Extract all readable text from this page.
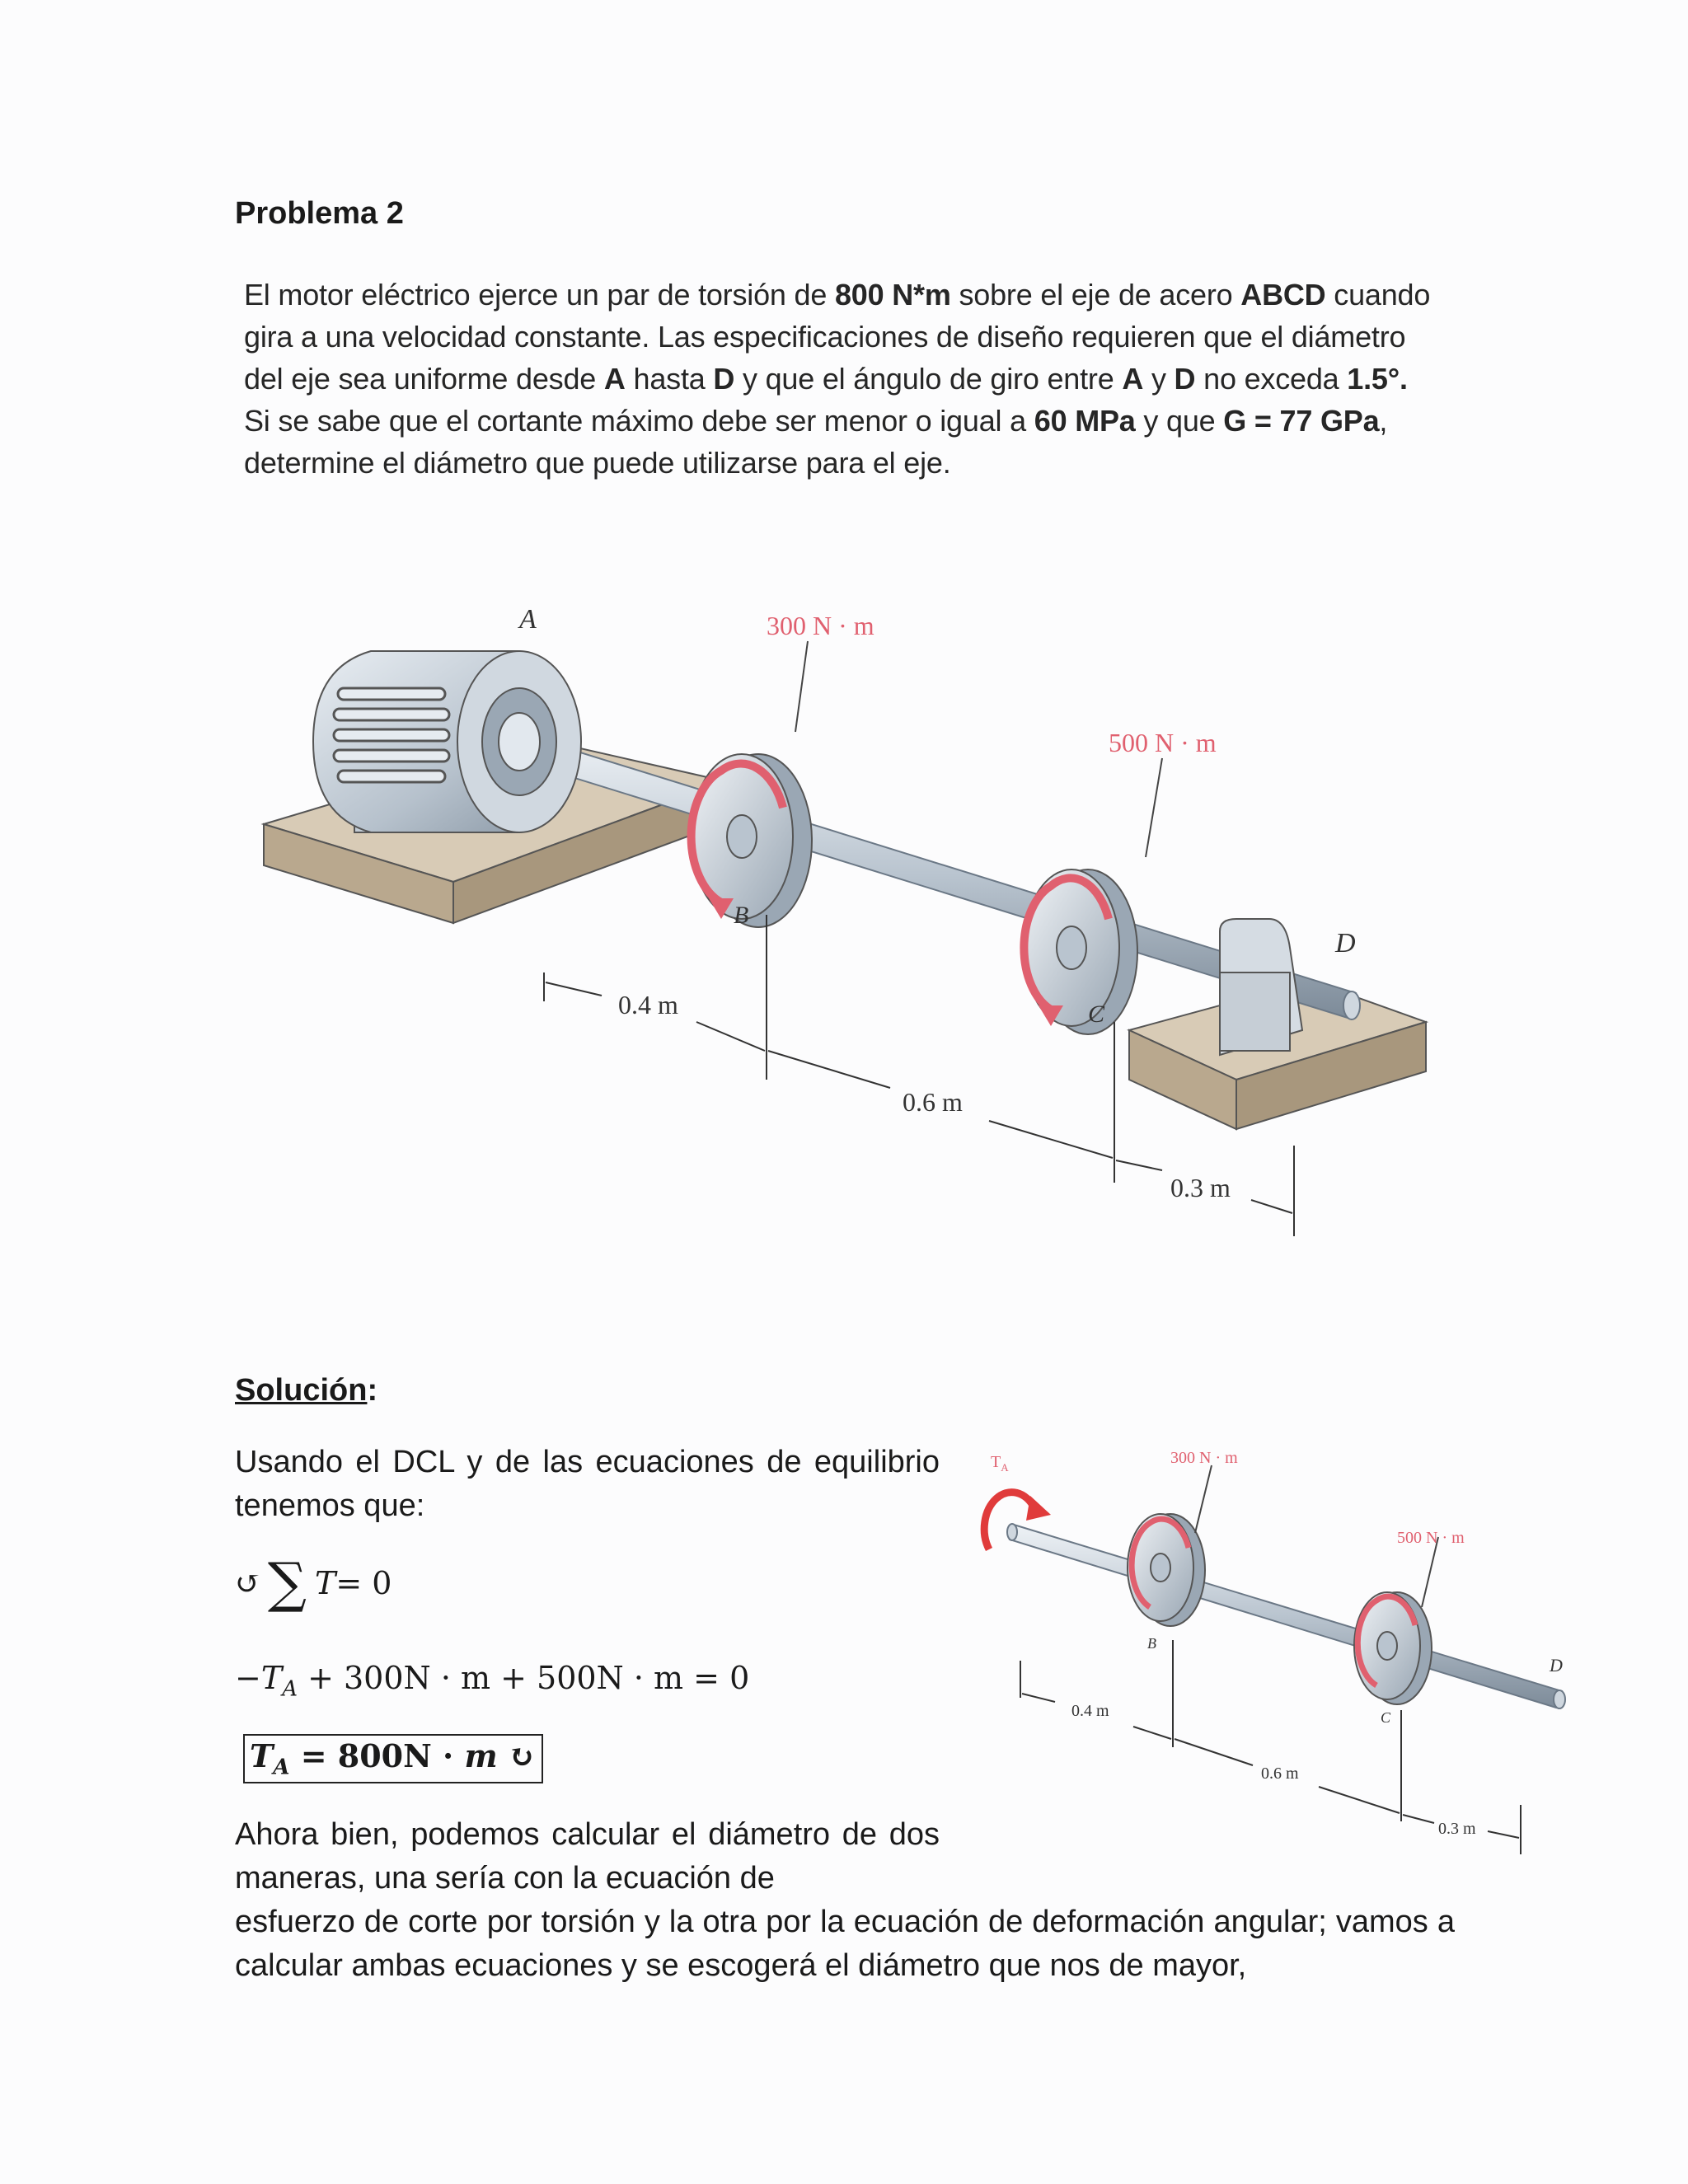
Problema 2
El motor eléctrico ejerce un par de torsión de 800 N*m sobre el eje de acero ABCD cuando gira a una velocidad constante. Las especificaciones de diseño requieren que el diámetro del eje sea uniforme desde A hasta D y que el ángulo de giro entre A y D no exceda 1.5°. Si se sabe que el cortante máximo debe ser menor o igual a 60 MPa y que G = 77 GPa, determine el diámetro que puede utilizarse para el eje.
A	300 N · m
500 N · m
B
C
D
0.4 m
0.6 m
0.3 m
Solución:
Usando el DCL y de las ecuaciones de equilibrio tenemos que:
↺ ∑ T = 0
$-T_A + 300N \cdot m + 500N \cdot m = 0$
$T_A = 800N \cdot m$ ↻
$T_A$
300 N · m
500 N · m
B
C
D
0.4 m
0.6 m
0.3 m
Ahora bien, podemos calcular el diámetro de dos maneras, una sería con la ecuación de
esfuerzo de corte por torsión y la otra por la ecuación de deformación angular; vamos a calcular ambas ecuaciones y se escogerá el diámetro que nos de mayor,
